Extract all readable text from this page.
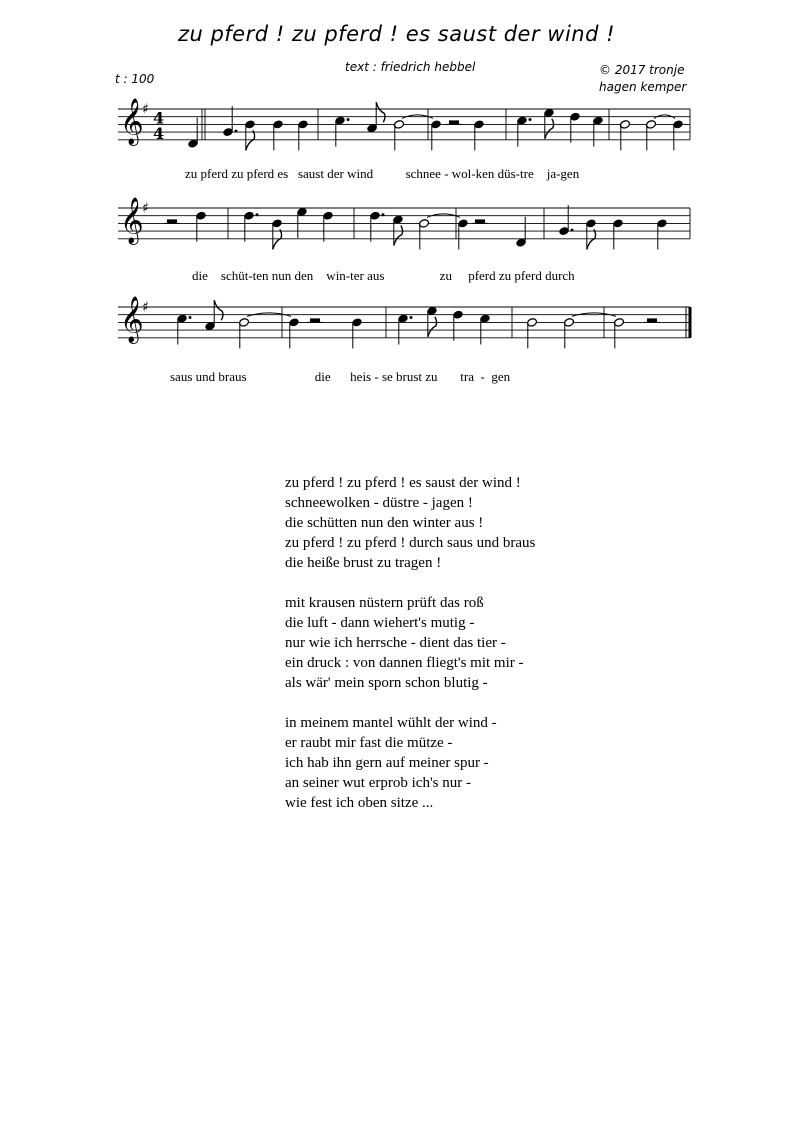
zu pferd ! zu pferd ! es saust der wind !
t : 100
text : friedrich hebbel	© 2017 tronje
hagen kemper
𝄞
♯ 4
4
𝄞
♯
𝄞
♯
zu pferd zu pferd es   saust der wind          schnee - wol-ken düs-tre    ja-gen
die    schüt-ten nun den    win-ter aus                 zu     pferd zu pferd durch
saus und braus                     die      heis - se brust zu       tra  -  gen
zu pferd ! zu pferd ! es saust der wind !
schneewolken - düstre - jagen !
die schütten nun den winter aus !
zu pferd ! zu pferd ! durch saus und braus
die heiße brust zu tragen !
mit krausen nüstern prüft das roß
die luft - dann wiehert's mutig -
nur wie ich herrsche - dient das tier -
ein druck : von dannen fliegt's mit mir -
als wär' mein sporn schon blutig -
in meinem mantel wühlt der wind -
er raubt mir fast die mütze -
ich hab ihn gern auf meiner spur -
an seiner wut erprob ich's nur -
wie fest ich oben sitze ...
